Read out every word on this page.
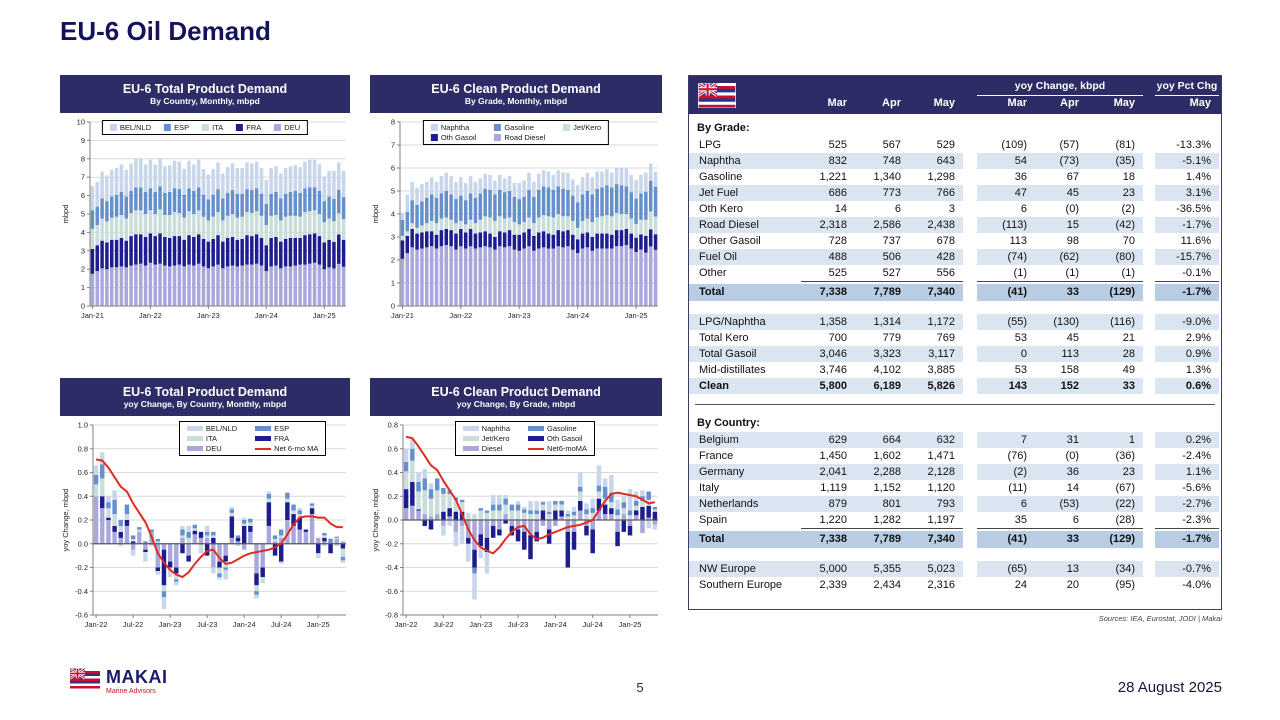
EU-6 Oil Demand
EU-6 Total Product Demand
By Country, Monthly, mbpd
0
1
2
3
4
5
6
7
8
9
10
Jan-21	Jan-22	Jan-23	Jan-24	Jan-25
mbpd
BEL/NLD	ESP	ITA	FRA	DEU
EU-6 Clean Product Demand
By Grade, Monthly, mbpd
0
1
2
3
4
5
6
7
8
Jan-21	Jan-22	Jan-23	Jan-24	Jan-25
mbpd
Naphtha	Gasoline	Jet/Kero
Oth Gasoil	Road Diesel
EU-6 Total Product Demand
yoy Change, By Country, Monthly, mbpd
-0.6
-0.4
-0.2
0.0
0.2
0.4
0.6
0.8
1.0
Jan-22 Jul-22 Jan-23 Jul-23 Jan-24 Jul-24 Jan-25
yoy Change, mbpd
BEL/NLD
ITA
DEU
ESP
FRA
Net 6-mo MA
EU-6 Clean Product Demand
yoy Change, By Grade, mbpd
-0.8
-0.6
-0.4
-0.2
0.0
0.2
0.4
0.6
0.8
Jan-22 Jul-22 Jan-23 Jul-23 Jan-24 Jul-24 Jan-25
yoy Change, mbpd
Naphtha
Jet/Kero
Diesel
Gasoline
Oth Gasoil
Net6-moMA
yoy Change, kbpd	yoy Pct Chg
Mar	Apr	May	Mar	Apr	May	May
By Grade:
LPG	525	567	529	(109)	(57)	(81)	-13.3%
Naphtha	832	748	643	54	(73)	(35)	-5.1%
Gasoline	1,221	1,340	1,298	36	67	18	1.4%
Jet Fuel	686	773	766	47	45	23	3.1%
Oth Kero	14	6	3	6	(0)	(2)	-36.5%
Road Diesel	2,318	2,586	2,438	(113)	15	(42)	-1.7%
Other Gasoil	728	737	678	113	98	70	11.6%
Fuel Oil	488	506	428	(74)	(62)	(80)	-15.7%
Other	525	527	556	(1)	(1)	(1)	-0.1%
Total	7,338	7,789	7,340	(41)	33	(129)	-1.7%
LPG/Naphtha	1,358	1,314	1,172	(55)	(130)	(116)	-9.0%
Total Kero	700	779	769	53	45	21	2.9%
Total Gasoil	3,046	3,323	3,117	0	113	28	0.9%
Mid-distillates	3,746	4,102	3,885	53	158	49	1.3%
Clean	5,800	6,189	5,826	143	152	33	0.6%
By Country:
Belgium	629	664	632	7	31	1	0.2%
France	1,450	1,602	1,471	(76)	(0)	(36)	-2.4%
Germany	2,041	2,288	2,128	(2)	36	23	1.1%
Italy	1,119	1,152	1,120	(11)	14	(67)	-5.6%
Netherlands	879	801	793	6	(53)	(22)	-2.7%
Spain	1,220	1,282	1,197	35	6	(28)	-2.3%
Total	7,338	7,789	7,340	(41)	33	(129)	-1.7%
NW Europe	5,000	5,355	5,023	(65)	13	(34)	-0.7%
Southern Europe	2,339	2,434	2,316	24	20	(95)	-4.0%
Sources: IEA, Eurostat, JODI | Makai
MAKAI
Marine Advisors	5	28 August 2025
